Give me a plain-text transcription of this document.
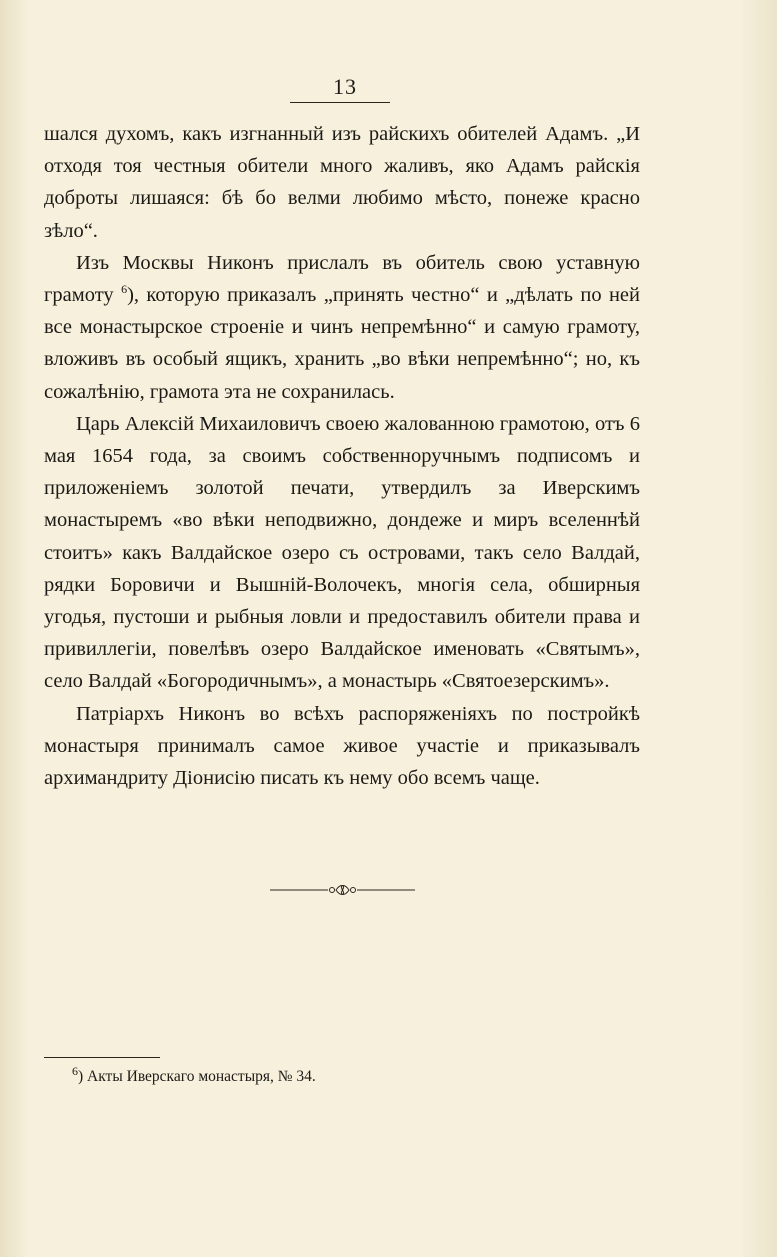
13

шался духомъ, какъ изгнанный изъ райскихъ обителей Адамъ. „И отходя тоя честныя обители много жаливъ, яко Адамъ райскія доброты лишаяся: бѣ бо велми любимо мѣсто, понеже красно зѣло“.

Изъ Москвы Никонъ прислалъ въ обитель свою уставную грамоту $^6$), которую приказалъ „принять честно“ и „дѣлать по ней все монастырское строеніе и чинъ непремѣнно“ и самую грамоту, вложивъ въ особый ящикъ, хранить „во вѣки непремѣнно“; но, къ сожалѣнію, грамота эта не сохранилась.

Царь Алексій Михаиловичъ своею жалованною грамотою, отъ 6 мая 1654 года, за своимъ собственноручнымъ подписомъ и приложеніемъ золотой печати, утвердилъ за Иверскимъ монастыремъ «во вѣки неподвижно, дондеже и миръ вселеннѣй стоитъ» какъ Валдайское озеро съ островами, такъ село Валдай, рядки Боровичи и Вышній-Волочекъ, многія села, обширныя угодья, пустоши и рыбныя ловли и предоставилъ обители права и привиллегіи, повелѣвъ озеро Валдайское именовать «Святымъ», село Валдай «Богородичнымъ», а монастырь «Святоезерскимъ».

Патріархъ Никонъ во всѣхъ распоряженіяхъ по постройкѣ монастыря принималъ самое живое участіе и приказывалъ архимандриту Діонисію писать къ нему обо всемъ чаще.

$^6$) Акты Иверскаго монастыря, № 34.
